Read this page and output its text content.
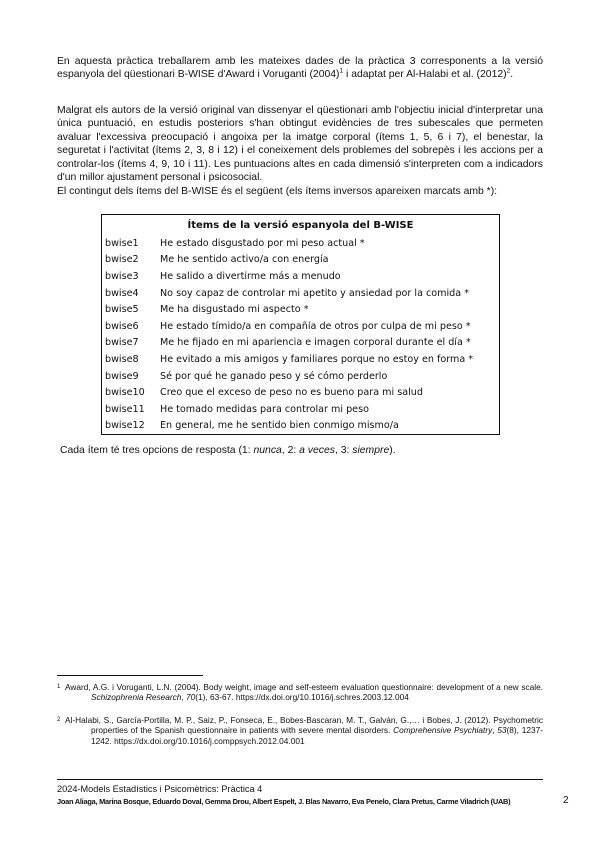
En aquesta pràctica treballarem amb les mateixes dades de la pràctica 3 corresponents a la versió espanyola del qüestionari B-WISE d'Award i Voruganti $(2004)^1$ i adaptat per Al-Halabi et al. $(2012)^2$.

Malgrat els autors de la versió original van dissenyar el qüestionari amb l'objectiu inicial d'interpretar una única puntuació, en estudis posteriors s'han obtingut evidències de tres subescales que permeten avaluar l'excessiva preocupació i angoixa per la imatge corporal (ítems 1, 5, 6 i 7), el benestar, la seguretat i l'activitat (ítems 2, 3, 8 i 12) i el coneixement dels problemes del sobrepès i les accions per a controlar-los (ítems 4, 9, 10 i 11). Les puntuacions altes en cada dimensió s'interpreten com a indicadors d'un millor ajustament personal i psicosocial.

El contingut dels ítems del B-WISE és el següent (els ítems inversos apareixen marcats amb *):

Ítems de la versió espanyola del B-WISE	
bwise1	He estado disgustado por mi peso actual *
bwise2	Me he sentido activo/a con energía
bwise3	He salido a divertirme más a menudo
bwise4	No soy capaz de controlar mi apetito y ansiedad por la comida *
bwise5	Me ha disgustado mi aspecto *
bwise6	He estado tímido/a en compañía de otros por culpa de mi peso *
bwise7	Me he fijado en mi apariencia e imagen corporal durante el día *
bwise8	He evitado a mis amigos y familiares porque no estoy en forma *
bwise9	Sé por qué he ganado peso y sé cómo perderlo
bwise10	Creo que el exceso de peso no es bueno para mi salud
bwise11	He tomado medidas para controlar mi peso
bwise12	En general, me he sentido bien conmigo mismo/a

Cada ítem té tres opcions de resposta (1: nunca, 2: a veces, 3: siempre).

1 Award, A.G. i Voruganti, L.N. (2004). Body weight, image and self-esteem evaluation questionnaire: development of a new scale. Schizophrenia Research, 70(1), 63-67. https://dx.doi.org/10.1016/j.schres.2003.12.004

2 Al-Halabi, S., García-Portilla, M. P., Saiz, P., Fonseca, E., Bobes-Bascaran, M. T., Galván, G.,… i Bobes, J. (2012). Psychometric properties of the Spanish questionnaire in patients with severe mental disorders. Comprehensive Psychiatry, 53(8), 1237-1242. https://dx.doi.org/10.1016/j.comppsych.2012.04.001

2024-Models Estadístics i Psicomètrics: Pràctica 4

Joan Aliaga, Marina Bosque, Eduardo Doval, Gemma Drou, Albert Espelt, J. Blas Navarro, Eva Penelo, Clara Pretus, Carme Viladrich (UAB)	2
